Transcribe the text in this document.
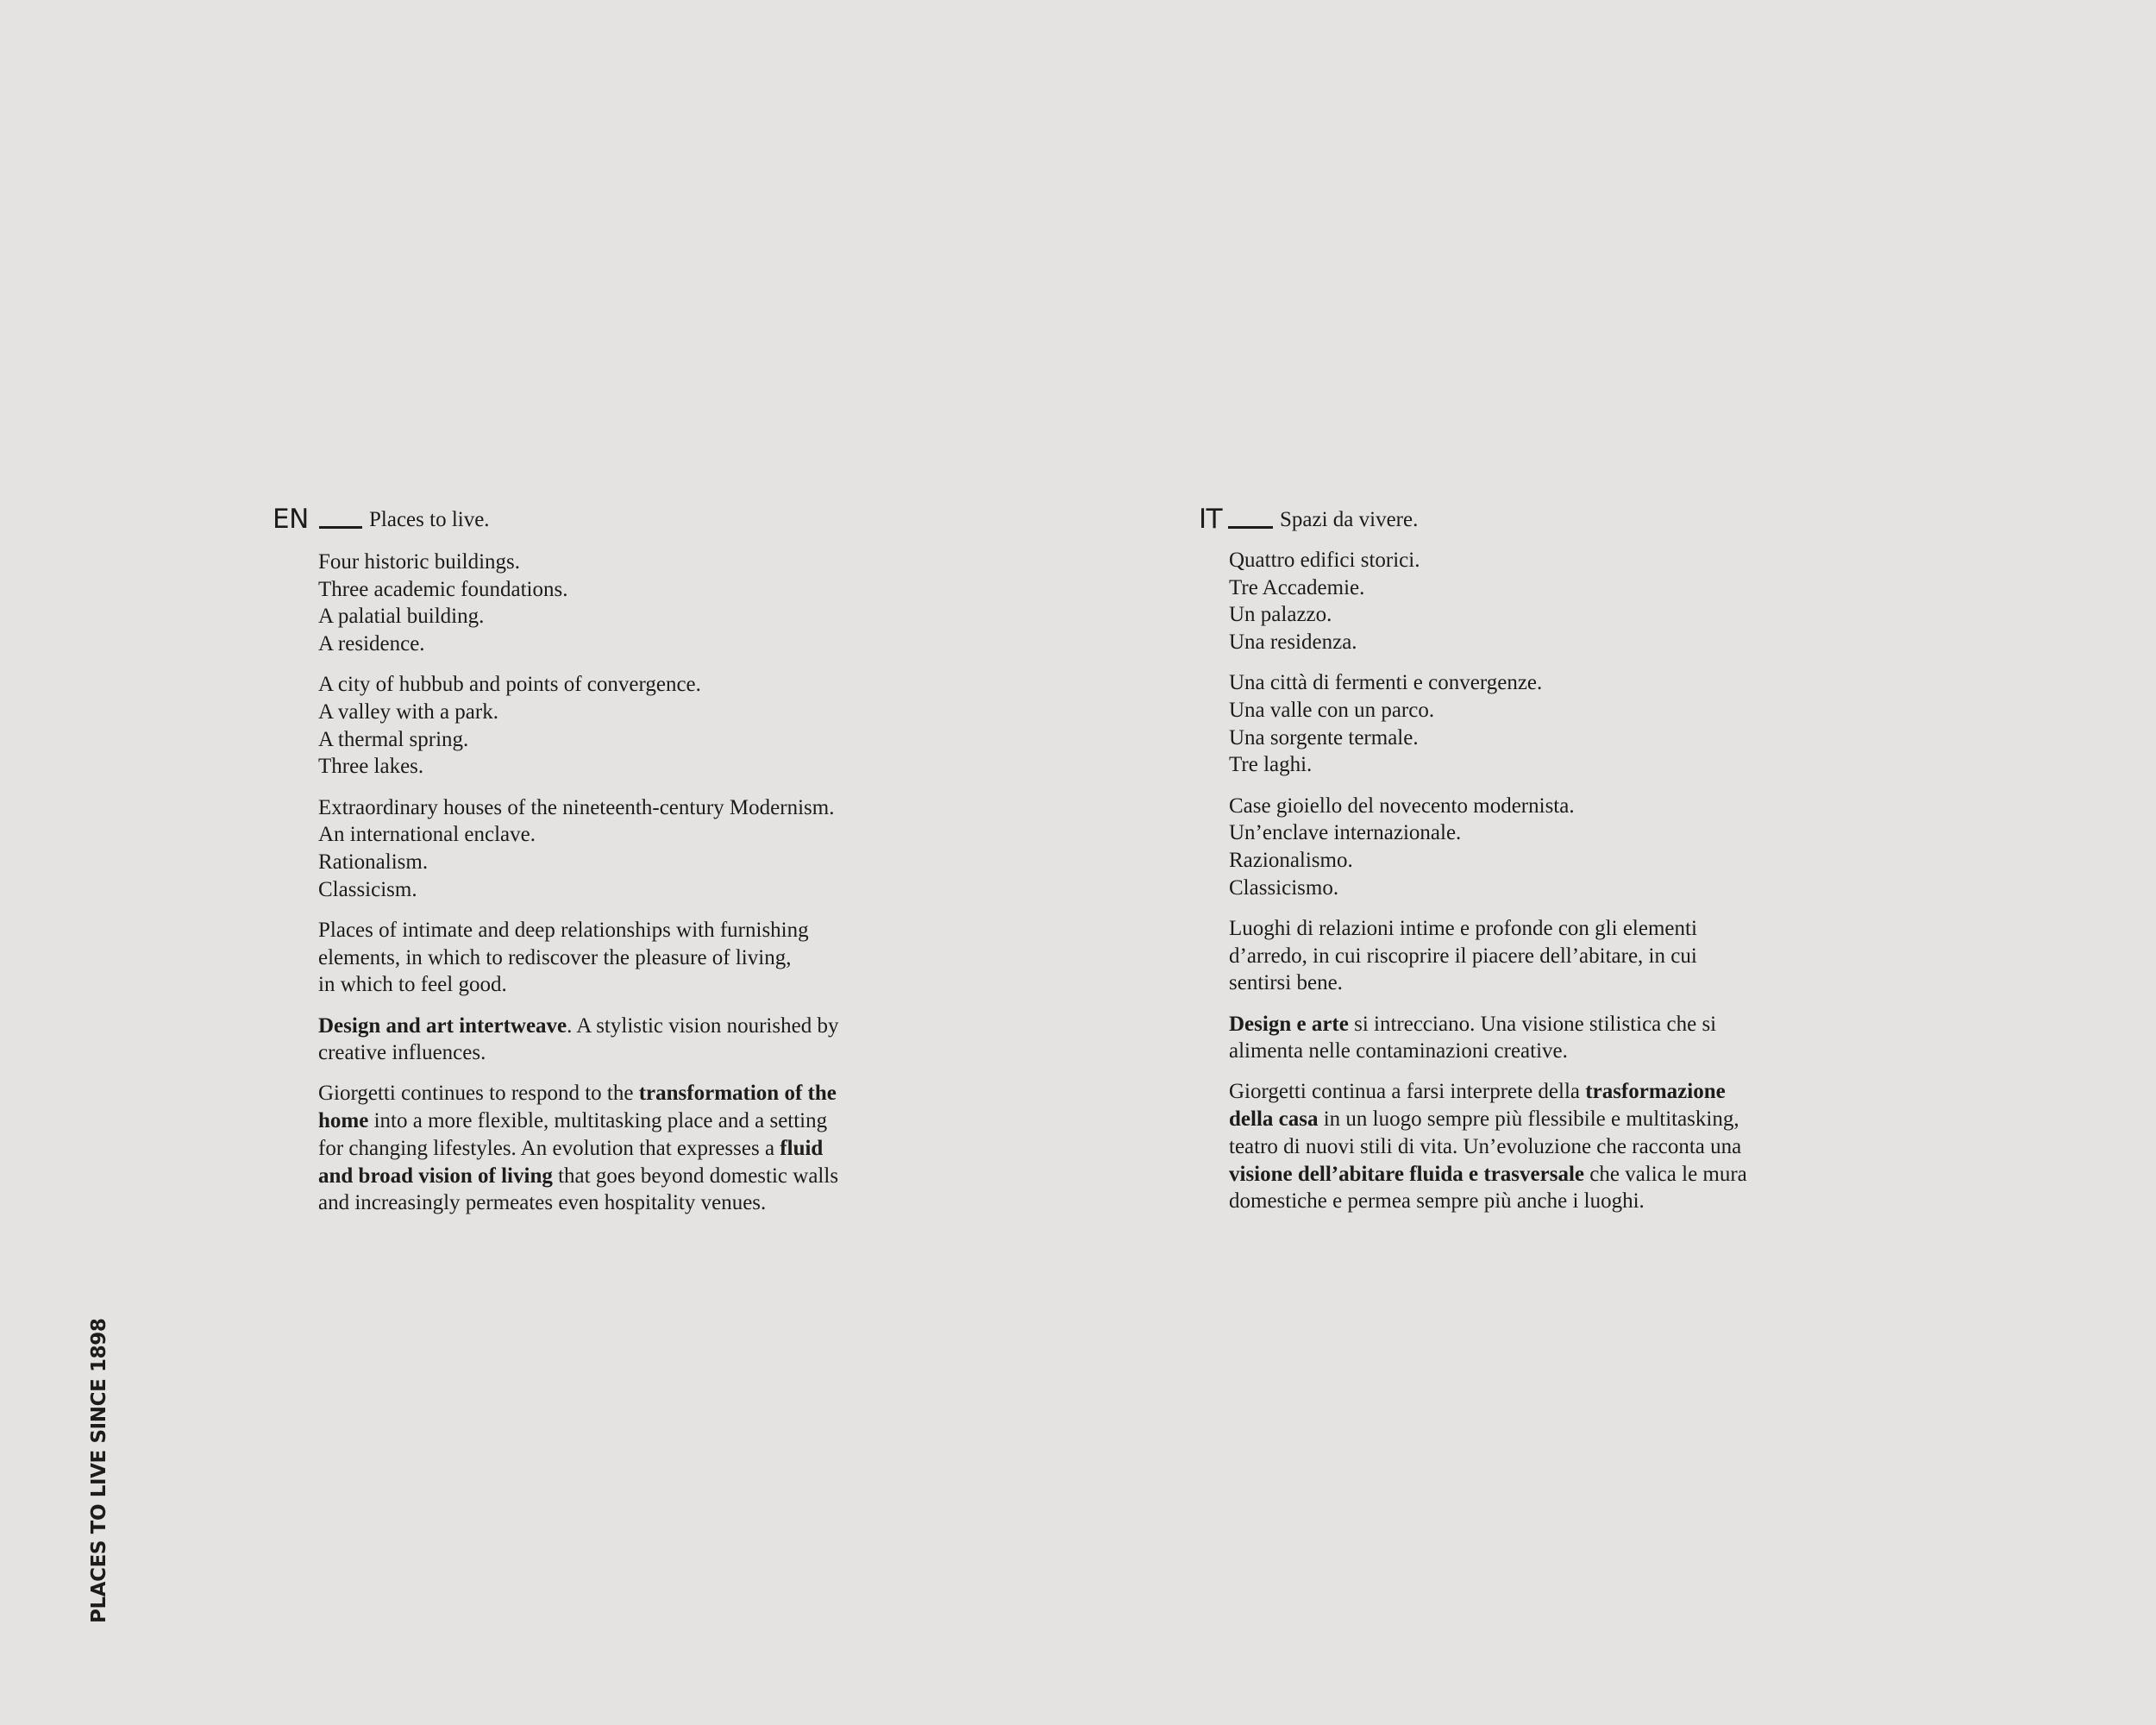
EN	Places to live.

Four historic buildings.
Three academic foundations.
A palatial building.
A residence.

A city of hubbub and points of convergence.
A valley with a park.
A thermal spring.
Three lakes.

Extraordinary houses of the nineteenth-century Modernism.
An international enclave.
Rationalism.
Classicism.

Places of intimate and deep relationships with furnishing
elements, in which to rediscover the pleasure of living,
in which to feel good.

Design and art intertweave. A stylistic vision nourished by
creative influences.

Giorgetti continues to respond to the transformation of the
home into a more flexible, multitasking place and a setting
for changing lifestyles. An evolution that expresses a fluid
and broad vision of living that goes beyond domestic walls
and increasingly permeates even hospitality venues.

IT	Spazi da vivere.

Quattro edifici storici.
Tre Accademie.
Un palazzo.
Una residenza.

Una città di fermenti e convergenze.
Una valle con un parco.
Una sorgente termale.
Tre laghi.

Case gioiello del novecento modernista.
Un’enclave internazionale.
Razionalismo.
Classicismo.

Luoghi di relazioni intime e profonde con gli elementi
d’arredo, in cui riscoprire il piacere dell’abitare, in cui
sentirsi bene.

Design e arte si intrecciano. Una visione stilistica che si
alimenta nelle contaminazioni creative.

Giorgetti continua a farsi interprete della trasformazione
della casa in un luogo sempre più flessibile e multitasking,
teatro di nuovi stili di vita. Un’evoluzione che racconta una
visione dell’abitare fluida e trasversale che valica le mura
domestiche e permea sempre più anche i luoghi.

PLACES TO LIVE SINCE 1898
